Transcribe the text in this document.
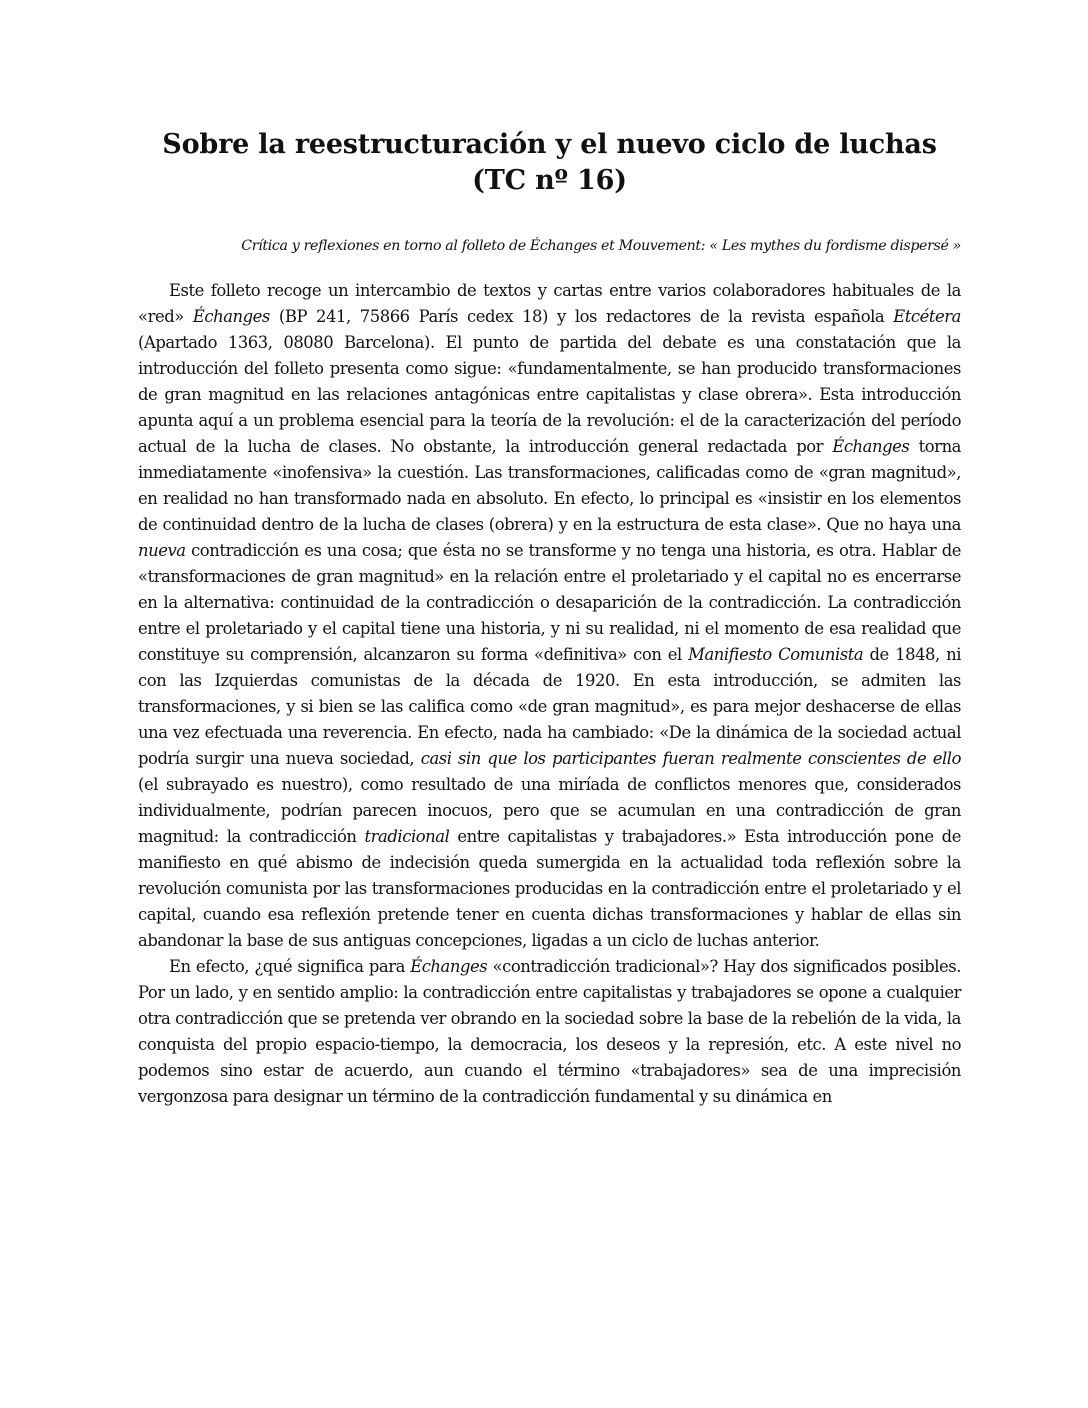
Sobre la reestructuración y el nuevo ciclo de luchas (TC nº 16)

Crítica y reflexiones en torno al folleto de Échanges et Mouvement: « Les mythes du fordisme dispersé »

Este folleto recoge un intercambio de textos y cartas entre varios colaboradores habituales de la «red» Échanges (BP 241, 75866 París cedex 18) y los redactores de la revista española Etcétera (Apartado 1363, 08080 Barcelona). El punto de partida del debate es una constatación que la introducción del folleto presenta como sigue: «fundamentalmente, se han producido transformaciones de gran magnitud en las relaciones antagónicas entre capitalistas y clase obrera». Esta introducción apunta aquí a un problema esencial para la teoría de la revolución: el de la caracterización del período actual de la lucha de clases. No obstante, la introducción general redactada por Échanges torna inmediatamente «inofensiva» la cuestión. Las transformaciones, calificadas como de «gran magnitud», en realidad no han transformado nada en absoluto. En efecto, lo principal es «insistir en los elementos de continuidad dentro de la lucha de clases (obrera) y en la estructura de esta clase». Que no haya una nueva contradicción es una cosa; que ésta no se transforme y no tenga una historia, es otra. Hablar de «transformaciones de gran magnitud» en la relación entre el proletariado y el capital no es encerrarse en la alternativa: continuidad de la contradicción o desaparición de la contradicción. La contradicción entre el proletariado y el capital tiene una historia, y ni su realidad, ni el momento de esa realidad que constituye su comprensión, alcanzaron su forma «definitiva» con el Manifiesto Comunista de 1848, ni con las Izquierdas comunistas de la década de 1920. En esta introducción, se admiten las transformaciones, y si bien se las califica como «de gran magnitud», es para mejor deshacerse de ellas una vez efectuada una reverencia. En efecto, nada ha cambiado: «De la dinámica de la sociedad actual podría surgir una nueva sociedad, casi sin que los participantes fueran realmente conscientes de ello (el subrayado es nuestro), como resultado de una miríada de conflictos menores que, considerados individualmente, podrían parecen inocuos, pero que se acumulan en una contradicción de gran magnitud: la contradicción tradicional entre capitalistas y trabajadores.» Esta introducción pone de manifiesto en qué abismo de indecisión queda sumergida en la actualidad toda reflexión sobre la revolución comunista por las transformaciones producidas en la contradicción entre el proletariado y el capital, cuando esa reflexión pretende tener en cuenta dichas transformaciones y hablar de ellas sin abandonar la base de sus antiguas concepciones, ligadas a un ciclo de luchas anterior.

En efecto, ¿qué significa para Échanges «contradicción tradicional»? Hay dos significados posibles. Por un lado, y en sentido amplio: la contradicción entre capitalistas y trabajadores se opone a cualquier otra contradicción que se pretenda ver obrando en la sociedad sobre la base de la rebelión de la vida, la conquista del propio espacio-tiempo, la democracia, los deseos y la represión, etc. A este nivel no podemos sino estar de acuerdo, aun cuando el término «trabajadores» sea de una imprecisión vergonzosa para designar un término de la contradicción fundamental y su dinámica en
